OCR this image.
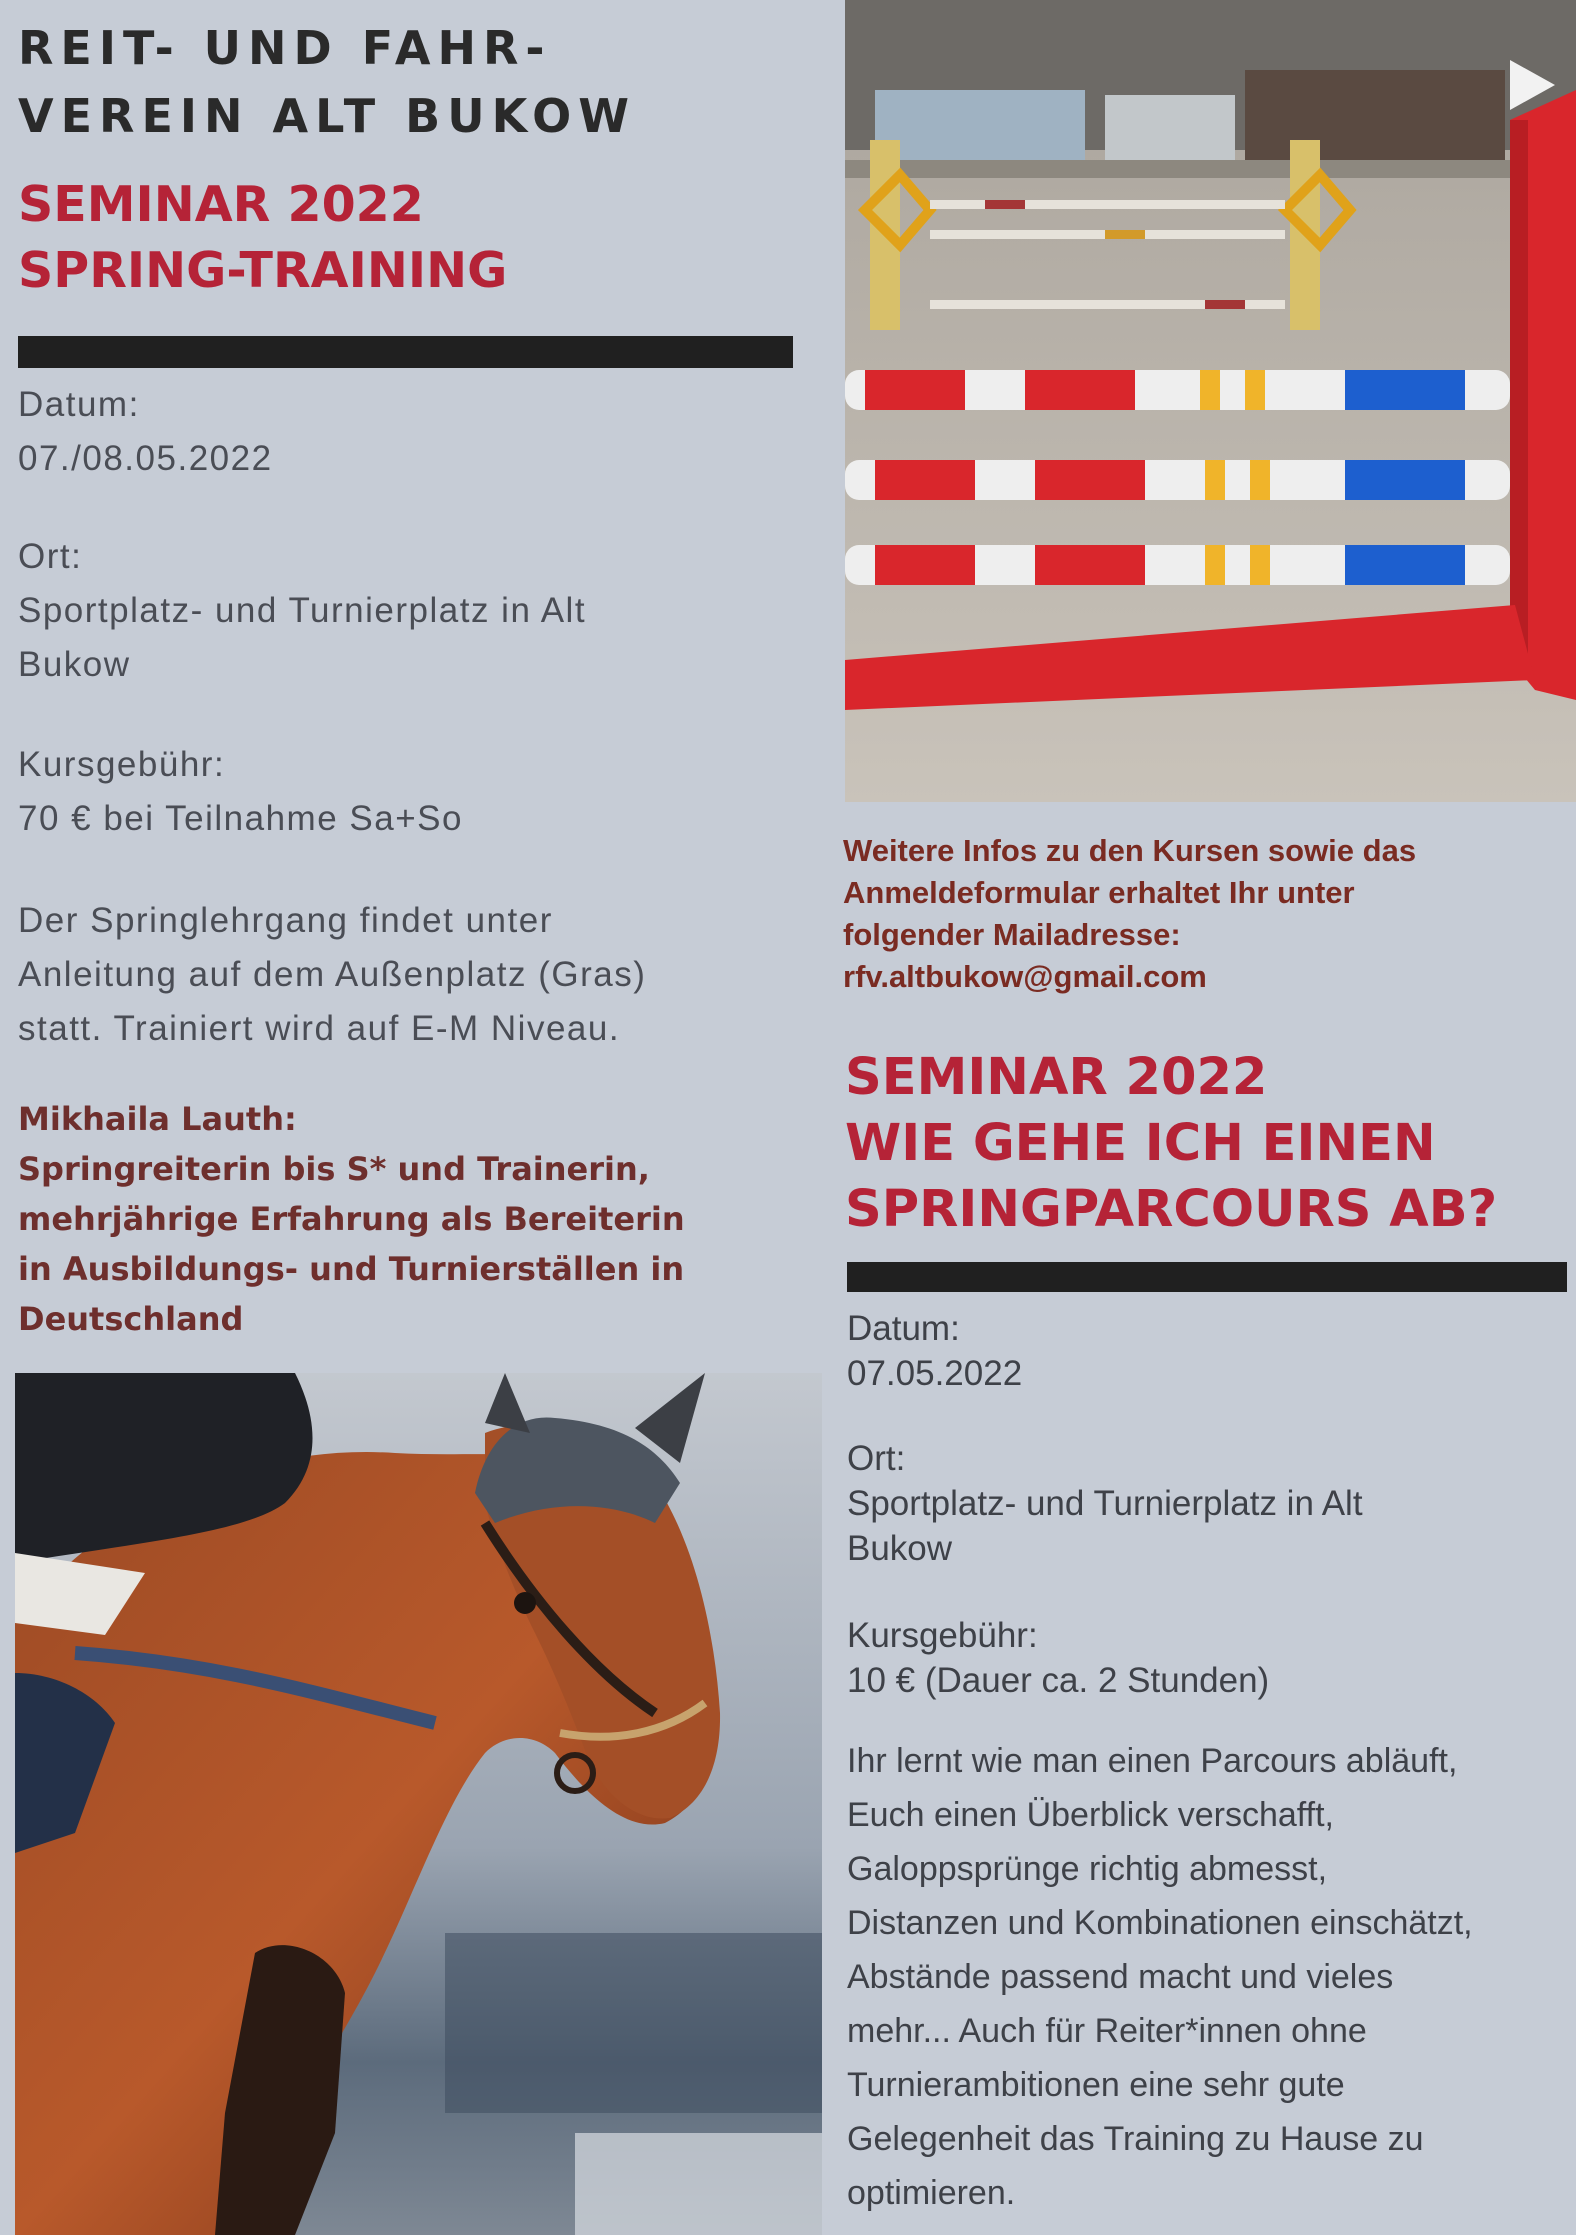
REIT- UND FAHR-
VEREIN ALT BUKOW
SEMINAR 2022
SPRING-TRAINING
Datum:
07./08.05.2022
Ort:
Sportplatz- und Turnierplatz in Alt
Bukow
Kursgebühr:
70 € bei Teilnahme Sa+So
Der Springlehrgang findet unter
Anleitung auf dem Außenplatz (Gras)
statt. Trainiert wird auf E-M Niveau.
Mikhaila Lauth:
Springreiterin bis S* und Trainerin,
mehrjährige Erfahrung als Bereiterin
in Ausbildungs- und Turnierställen in
Deutschland
Weitere Infos zu den Kursen sowie das
Anmeldeformular erhaltet Ihr unter
folgender Mailadresse:
rfv.altbukow@gmail.com
SEMINAR 2022
WIE GEHE ICH EINEN
SPRINGPARCOURS AB?
Datum:
07.05.2022
Ort:
Sportplatz- und Turnierplatz in Alt
Bukow
Kursgebühr:
10 € (Dauer ca. 2 Stunden)
Ihr lernt wie man einen Parcours abläuft,
Euch einen Überblick verschafft,
Galoppsprünge richtig abmesst,
Distanzen und Kombinationen einschätzt,
Abstände passend macht und vieles
mehr... Auch für Reiter*innen ohne
Turnierambitionen eine sehr gute
Gelegenheit das Training zu Hause zu
optimieren.
